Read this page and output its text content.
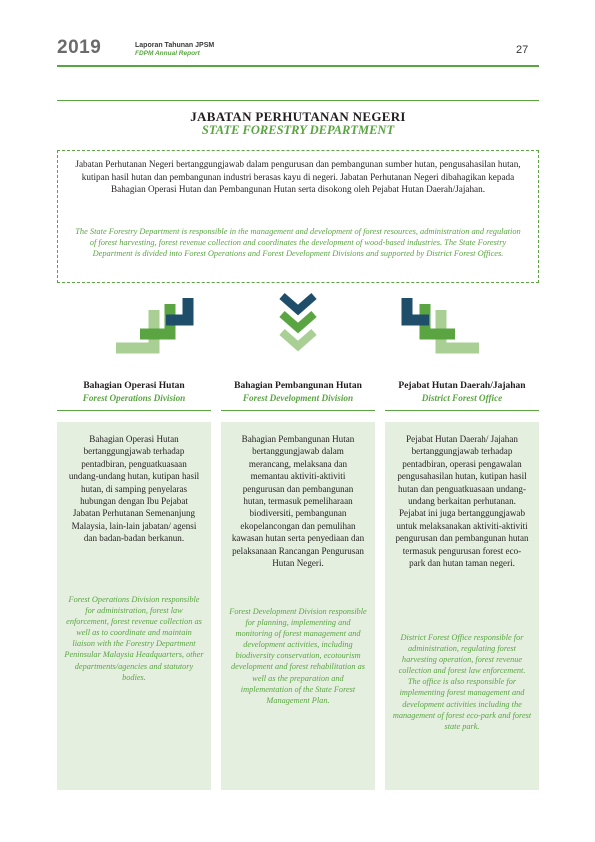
2019	Laporan Tahunan JPSM
FDPM Annual Report	27
JABATAN PERHUTANAN NEGERI
STATE FORESTRY DEPARTMENT
Jabatan Perhutanan Negeri bertanggungjawab dalam pengurusan dan pembangunan sumber hutan, pengusahasilan hutan, kutipan hasil hutan dan pembangunan industri berasas kayu di negeri. Jabatan Perhutanan Negeri dibahagikan kepada Bahagian Operasi Hutan dan Pembangunan Hutan serta disokong oleh Pejabat Hutan Daerah/Jajahan.
The State Forestry Department is responsible in the management and development of forest resources, administration and regulation of forest harvesting, forest revenue collection and coordinates the development of wood-based industries. The State Forestry Department is divided into Forest Operations and Forest Development Divisions and supported by District Forest Offices.
Bahagian Operasi Hutan
Forest Operations Division
Bahagian Operasi Hutan bertanggungjawab terhadap pentadbiran, penguatkuasaan undang-undang hutan, kutipan hasil hutan, di samping penyelaras hubungan dengan Ibu Pejabat Jabatan Perhutanan Semenanjung Malaysia, lain-lain jabatan/ agensi dan badan-badan berkanun.
Forest Operations Division responsible for administration, forest law enforcement, forest revenue collection as well as to coordinate and maintain liaison with the Forestry Department Peninsular Malaysia Headquarters, other departments/agencies and statutory bodies.
Bahagian Pembangunan Hutan
Forest Development Division
Bahagian Pembangunan Hutan bertanggungjawab dalam merancang, melaksana dan memantau aktiviti-aktiviti pengurusan dan pembangunan hutan, termasuk pemeliharaan biodiversiti, pembangunan ekopelancongan dan pemulihan kawasan hutan serta penyediaan dan pelaksanaan Rancangan Pengurusan Hutan Negeri.
Forest Development Division responsible for planning, implementing and monitoring of forest management and development activities, including biodiversity conservation, ecotourism development and forest rehabilitation as well as the preparation and implementation of the State Forest Management Plan.
Pejabat Hutan Daerah/Jajahan
District Forest Office
Pejabat Hutan Daerah/ Jajahan bertanggungjawab terhadap pentadbiran, operasi pengawalan pengusahasilan hutan, kutipan hasil hutan dan penguatkuasaan undang-undang berkaitan perhutanan. Pejabat ini juga bertanggungjawab untuk melaksanakan aktiviti-aktiviti pengurusan dan pembangunan hutan termasuk pengurusan forest eco-park dan hutan taman negeri.
District Forest Office responsible for administration, regulating forest harvesting operation, forest revenue collection and forest law enforcement. The office is also responsible for implementing forest management and development activities including the management of forest eco-park and forest state park.
